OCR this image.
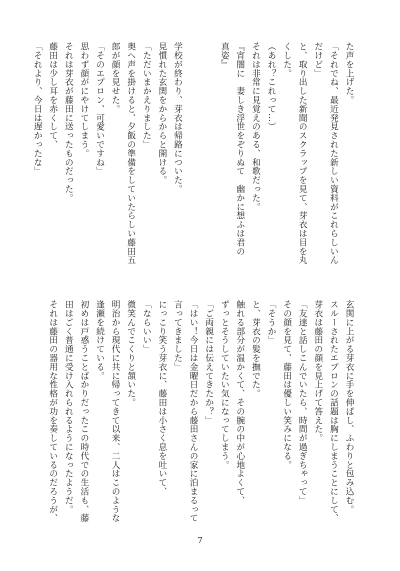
た声を上げた。
「それでね、最近発見された新しい資料がこれらしいん
だけど」
と、取り出した新聞のスクラップを見て、芽衣は目を丸
くした。
（あれ？これって…）
それは非常に見覚えのある、和歌だった。
『宵闇に　妻しき浮世をぞりぬて　幽かに想ふは君の
真姿』
学校が終わり、芽衣は帰路についた。
見慣れた玄関をからからと開ける。
「ただいまかえりました」
奥へ声を掛けると、夕飯の準備をしていたらしい藤田五
郎が顔を見せた。
「そのエプロン、可愛いですね」
思わず顔がにやけてしまう。
それは芽衣が藤田に送ったものだった。
藤田は少し耳を赤くして、
「それより、今日は遅かったな」
玄関に上がる芽衣に手を伸ばし、ふわりと包み込む。
スルーされたエプロンの話題は胸にしまうことにして、
芽衣は藤田の顔を見上げて答えた。
「友達と話しこんでいたら、時間が過ぎちゃって」
その顔を見て、藤田は優しい笑みになる。
「そうか」
と、芽衣の髪を撫でた。
触れる部分が温かくて、その腕の中が心地よくて、
ずっとそうしていたい気になってしまう。
「ご両親には伝えてきたか？」
「はい！今日は金曜日だから藤田さんの家に泊まるって
言ってきました」
にっこり笑う芽衣に、藤田は小さく息を吐いて、
「ならいい」
微笑んでこくりと頷いた。
明治から現代に共に帰ってきて以来、二人はこのような
逢瀬を続けている。
初めは戸惑うことばかりだったこの時代での生活も、藤
田はごく普通に受け入れられるようになったようだ。
それは藤田の器用な性格が功を奏しているのだろうが、
7
